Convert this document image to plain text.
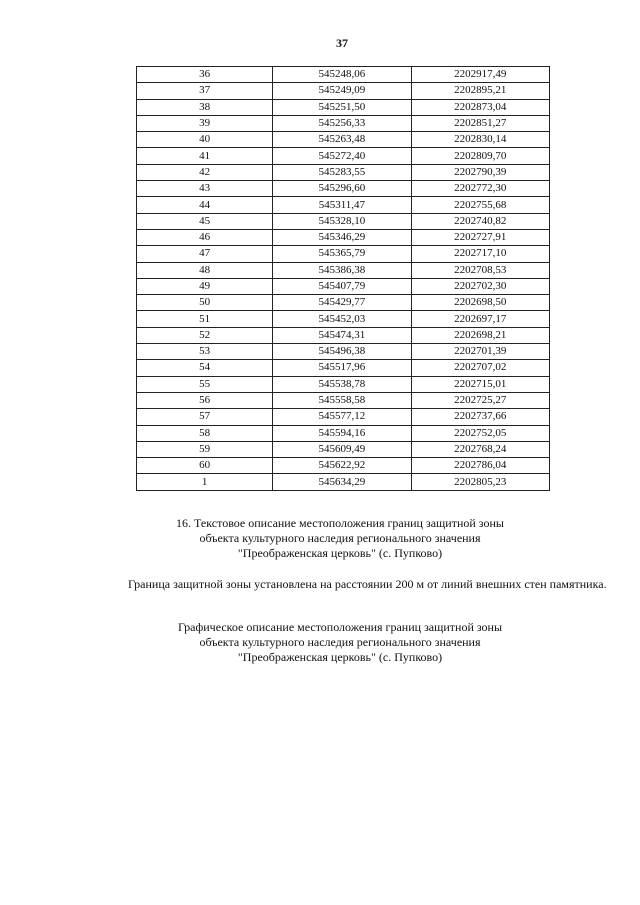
37
36	545248,06	2202917,49
37	545249,09	2202895,21
38	545251,50	2202873,04
39	545256,33	2202851,27
40	545263,48	2202830,14
41	545272,40	2202809,70
42	545283,55	2202790,39
43	545296,60	2202772,30
44	545311,47	2202755,68
45	545328,10	2202740,82
46	545346,29	2202727,91
47	545365,79	2202717,10
48	545386,38	2202708,53
49	545407,79	2202702,30
50	545429,77	2202698,50
51	545452,03	2202697,17
52	545474,31	2202698,21
53	545496,38	2202701,39
54	545517,96	2202707,02
55	545538,78	2202715,01
56	545558,58	2202725,27
57	545577,12	2202737,66
58	545594,16	2202752,05
59	545609,49	2202768,24
60	545622,92	2202786,04
1	545634,29	2202805,23
16. Текстовое описание местоположения границ защитной зоны
объекта культурного наследия регионального значения
"Преображенская церковь" (с. Пупково)
Граница защитной зоны установлена на расстоянии 200 м от линий внешних стен памятника.
Графическое описание местоположения границ защитной зоны
объекта культурного наследия регионального значения
"Преображенская церковь" (с. Пупково)
